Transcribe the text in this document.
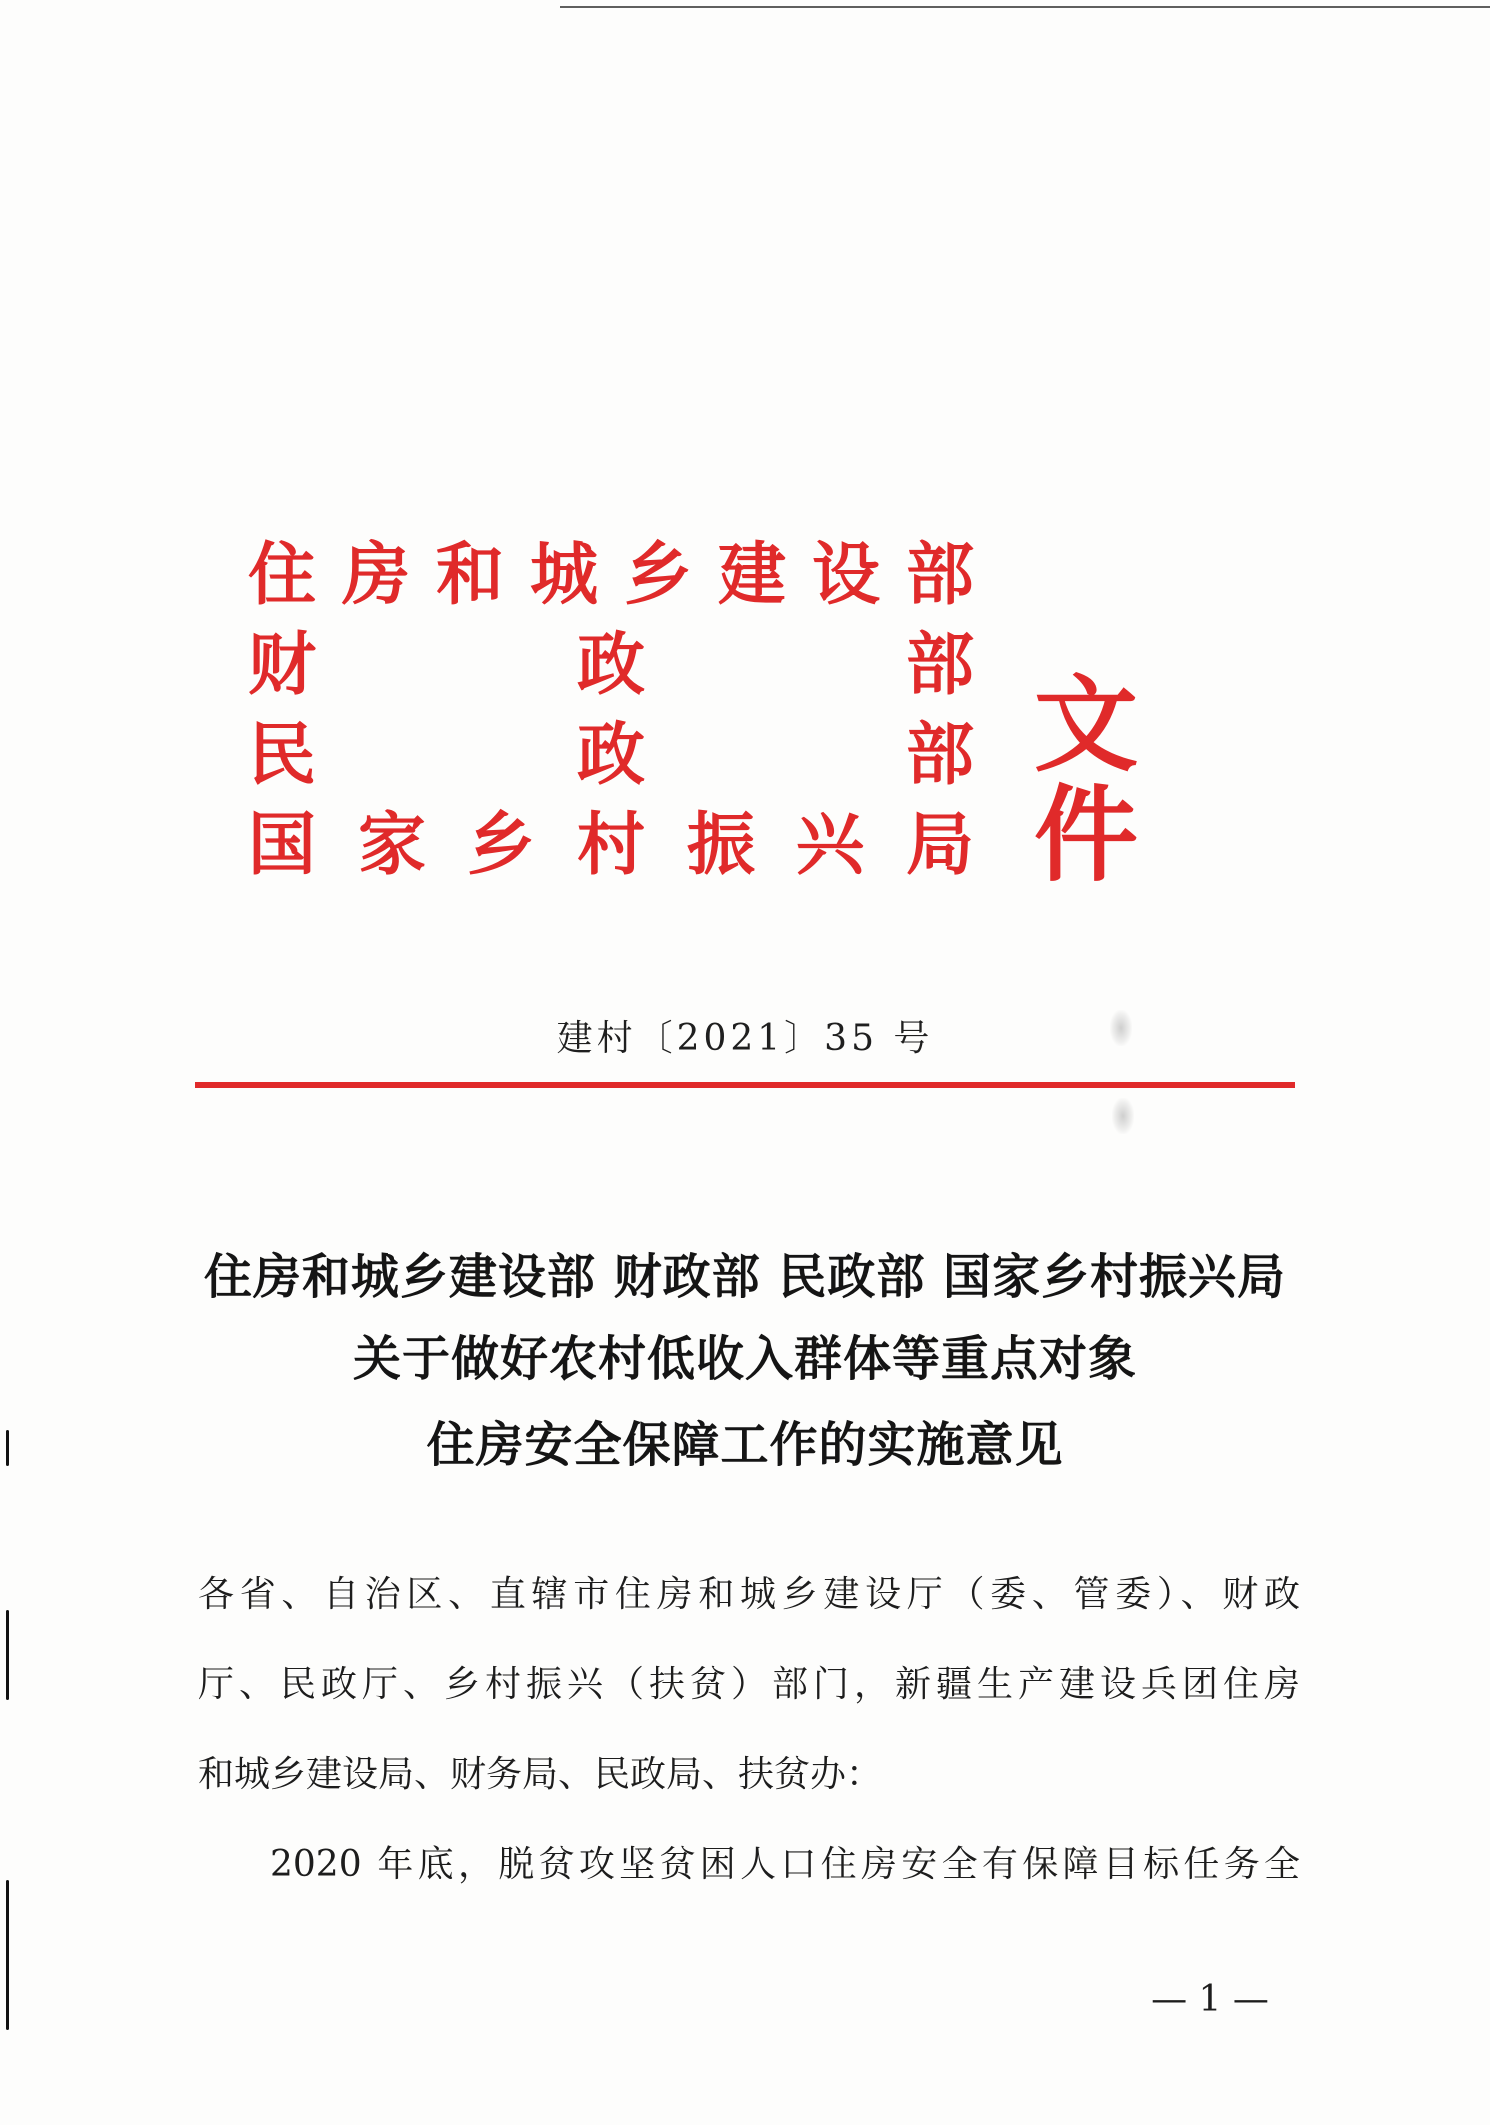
住 房 和 城 乡 建 设 部
财	政	部
民	政	部
国 家 乡 村 振 兴 局
文件
建村〔2021〕35 号
住房和城乡建设部 财政部 民政部 国家乡村振兴局
关于做好农村低收入群体等重点对象
住房安全保障工作的实施意见
各省、自治区、直辖市住房和城乡建设厅（委、管委）、财政
厅、民政厅、乡村振兴（扶贫）部门，新疆生产建设兵团住房
和城乡建设局、财务局、民政局、扶贫办：
2020 年底，脱贫攻坚贫困人口住房安全有保障目标任务全
— 1 —
